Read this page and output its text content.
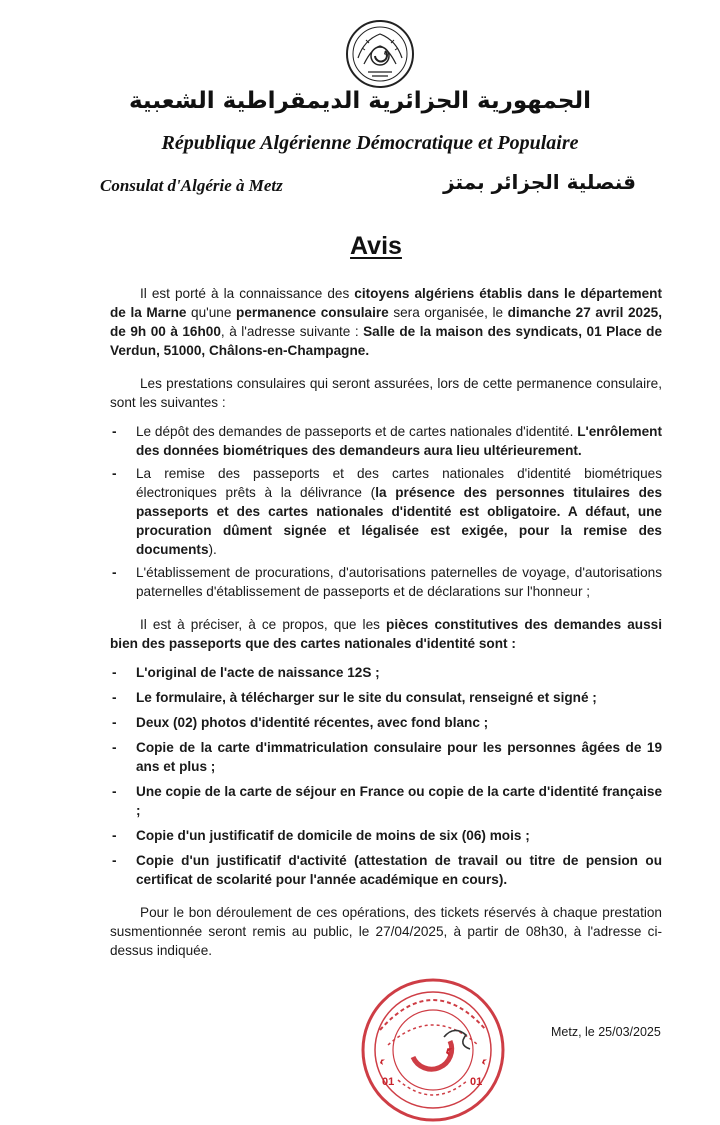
الجمهورية الجزائرية الديمقراطية الشعبية
République Algérienne Démocratique et Populaire
Consulat d'Algérie à Metz	قنصلية الجزائر بمتز
Avis

Il est porté à la connaissance des citoyens algériens établis dans le département de la Marne qu'une permanence consulaire sera organisée, le dimanche 27 avril 2025, de 9h 00 à 16h00, à l'adresse suivante : Salle de la maison des syndicats, 01 Place de Verdun, 51000, Châlons-en-Champagne.

Les prestations consulaires qui seront assurées, lors de cette permanence consulaire, sont les suivantes :

- Le dépôt des demandes de passeports et de cartes nationales d'identité. L'enrôlement des données biométriques des demandeurs aura lieu ultérieurement.
- La remise des passeports et des cartes nationales d'identité biométriques électroniques prêts à la délivrance (la présence des personnes titulaires des passeports et des cartes nationales d'identité est obligatoire. A défaut, une procuration dûment signée et légalisée est exigée, pour la remise des documents).
- L'établissement de procurations, d'autorisations paternelles de voyage, d'autorisations paternelles d'établissement de passeports et de déclarations sur l'honneur ;

Il est à préciser, à ce propos, que les pièces constitutives des demandes aussi bien des passeports que des cartes nationales d'identité sont :

- L'original de l'acte de naissance 12S ;
- Le formulaire, à télécharger sur le site du consulat, renseigné et signé ;
- Deux (02) photos d'identité récentes, avec fond blanc ;
- Copie de la carte d'immatriculation consulaire pour les personnes âgées de 19 ans et plus ;
- Une copie de la carte de séjour en France ou copie de la carte d'identité française ;
- Copie d'un justificatif de domicile de moins de six (06) mois ;
- Copie d'un justificatif d'activité (attestation de travail ou titre de pension ou certificat de scolarité pour l'année académique en cours).

Pour le bon déroulement de ces opérations, des tickets réservés à chaque prestation susmentionnée seront remis au public, le 27/04/2025, à partir de 08h30, à l'adresse ci-dessus indiquée.

Metz, le 25/03/2025
01	01
